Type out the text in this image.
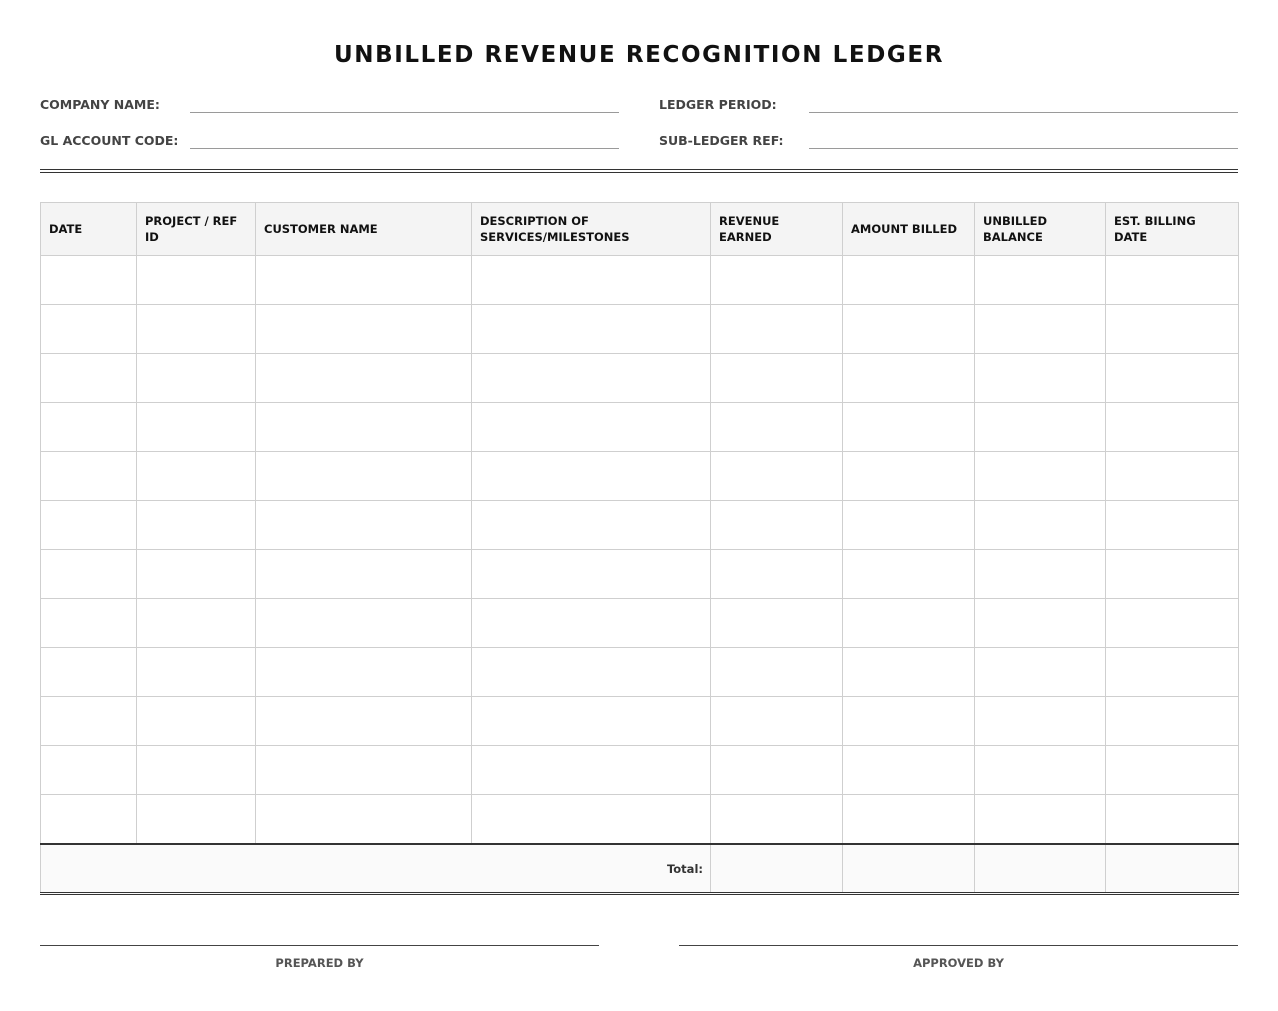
UNBILLED REVENUE RECOGNITION LEDGER
COMPANY NAME:	LEDGER PERIOD:
GL ACCOUNT CODE:	SUB-LEDGER REF:
DATE	PROJECT / REF ID	CUSTOMER NAME	DESCRIPTION OF SERVICES/MILESTONES	REVENUE EARNED	AMOUNT BILLED	UNBILLED BALANCE	EST. BILLING DATE

Total:							
PREPARED BY	APPROVED BY
